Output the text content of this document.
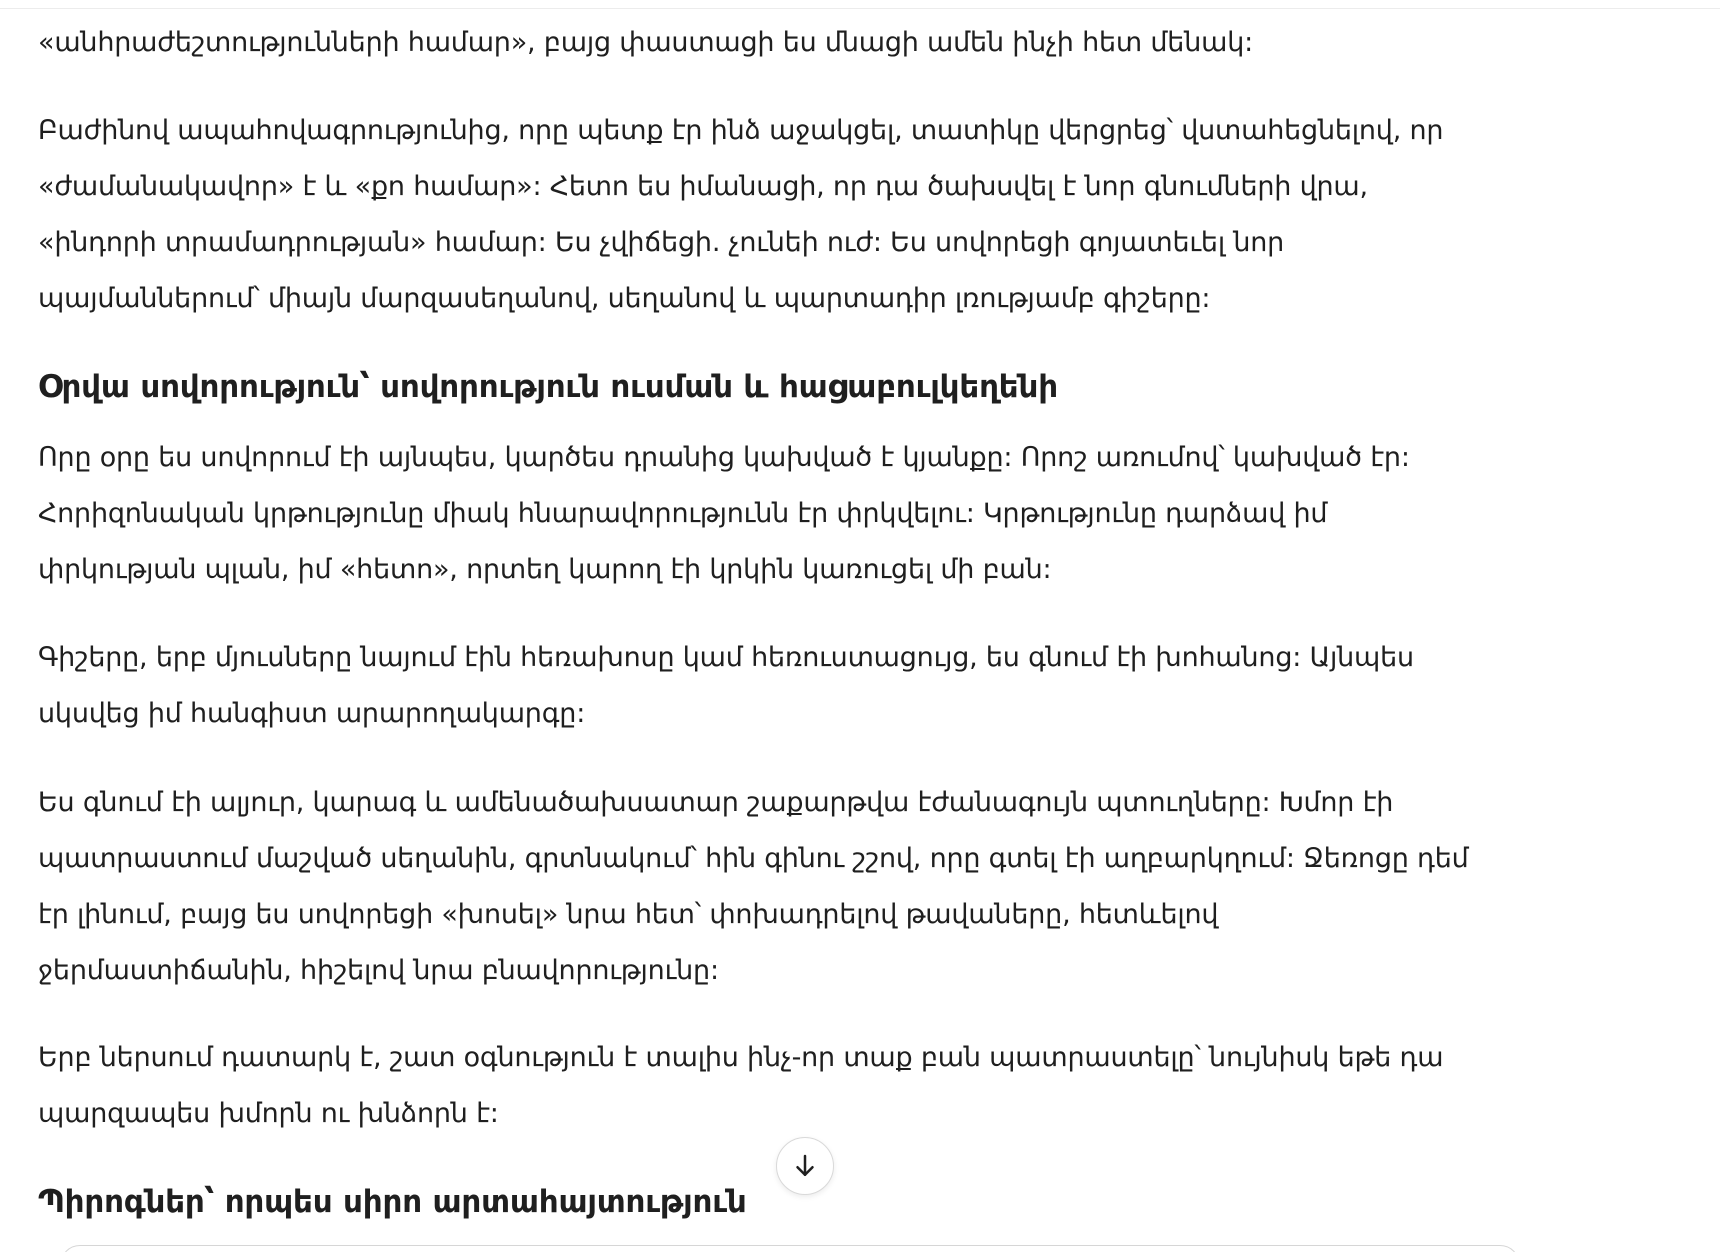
«անհրաժեշտությունների համար», բայց փաստացի ես մնացի ամեն ինչի հետ մենակ:

Բաժինով ապահովագրությունից, որը պետք էր ինձ աջակցել, տատիկը վերցրեց՝ վստահեցնելով, որ
«ժամանակավոր» է և «քո համար»: Հետո ես իմանացի, որ դա ծախսվել է նոր գնումների վրա,
«ինդորի տրամադրության» համար: Ես չվիճեցի. չունեի ուժ: Ես սովորեցի գոյատեւել նոր
պայմաններում՝ միայն մարզասեղանով, սեղանով և պարտադիր լռությամբ գիշերը:

Օրվա սովորություն՝ սովորություն ուսման և հացաբուլկեղենի

Որը օրը ես սովորում էի այնպես, կարծես դրանից կախված է կյանքը: Որոշ առումով՝ կախված էր:
Հորիզոնական կրթությունը միակ հնարավորությունն էր փրկվելու: Կրթությունը դարձավ իմ
փրկության պլան, իմ «հետո», որտեղ կարող էի կրկին կառուցել մի բան:

Գիշերը, երբ մյուսները նայում էին հեռախոսը կամ հեռուստացույց, ես գնում էի խոհանոց: Այնպես
սկսվեց իմ հանգիստ արարողակարգը:

Ես գնում էի ալյուր, կարագ և ամենածախսատար շաքարթվա էժանագույն պտուղները: Խմոր էի
պատրաստում մաշված սեղանին, գրտնակում՝ հին գինու շշով, որը գտել էի աղբարկղում: Ջեռոցը դեմ
էր լինում, բայց ես սովորեցի «խոսել» նրա հետ՝ փոխադրելով թավաները, հետևելով
ջերմաստիճանին, հիշելով նրա բնավորությունը:

Երբ ներսում դատարկ է, շատ օգնություն է տալիս ինչ-որ տաք բան պատրաստելը՝ նույնիսկ եթե դա
պարզապես խմորն ու խնձորն է:

Պիրոգներ՝ որպես սիրո արտահայտություն
